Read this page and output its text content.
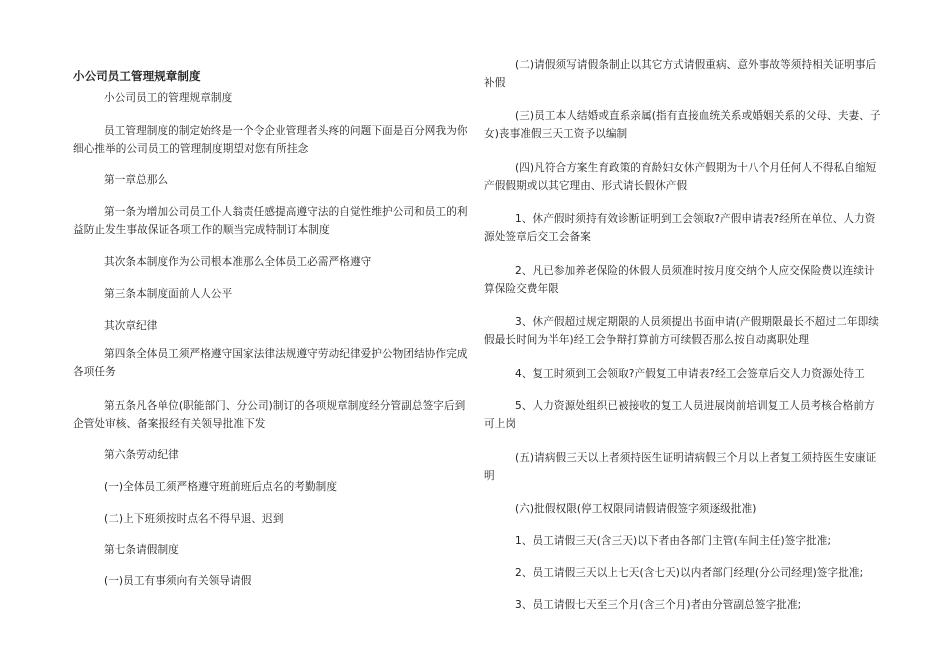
小公司员工管理规章制度

小公司员工的管理规章制度

员工管理制度的制定始终是一个令企业管理者头疼的问题下面是百分网我为你细心推举的公司员工的管理制度期望对您有所挂念

第一章总那么

第一条为增加公司员工仆人翁责任感提高遵守法的自觉性维护公司和员工的利益防止发生事故保证各项工作的顺当完成特制订本制度

其次条本制度作为公司根本准那么全体员工必需严格遵守

第三条本制度面前人人公平

其次章纪律

第四条全体员工须严格遵守国家法律法规遵守劳动纪律爱护公物团结协作完成各项任务

第五条凡各单位(职能部门、分公司)制订的各项规章制度经分管副总签字后到企管处审核、备案报经有关领导批准下发

第六条劳动纪律

(一)全体员工须严格遵守班前班后点名的考勤制度

(二)上下班须按时点名不得早退、迟到

第七条请假制度

(一)员工有事须向有关领导请假

(二)请假须写请假条制止以其它方式请假重病、意外事故等须持相关证明事后补假

(三)员工本人结婚或直系亲属(指有直接血统关系或婚姻关系的父母、夫妻、子女)丧事准假三天工资予以编制

(四)凡符合方案生育政策的育龄妇女休产假期为十八个月任何人不得私自缩短产假假期或以其它理由、形式请长假休产假

1、休产假时须持有效诊断证明到工会领取?产假申请表?经所在单位、人力资源处签章后交工会备案

2、凡已参加养老保险的休假人员须准时按月度交纳个人应交保险费以连续计算保险交费年限

3、休产假超过规定期限的人员须提出书面申请(产假期限最长不超过二年即续假最长时间为半年)经工会争辩打算前方可续假否那么按自动离职处理

4、复工时须到工会领取?产假复工申请表?经工会签章后交人力资源处待工

5、人力资源处组织已被接收的复工人员进展岗前培训复工人员考核合格前方可上岗

(五)请病假三天以上者须持医生证明请病假三个月以上者复工须持医生安康证明

(六)批假权限(停工权限同请假请假签字须逐级批准)

1、员工请假三天(含三天)以下者由各部门主管(车间主任)签字批准;

2、员工请假三天以上七天(含七天)以内者部门经理(分公司经理)签字批准;

3、员工请假七天至三个月(含三个月)者由分管副总签字批准;
